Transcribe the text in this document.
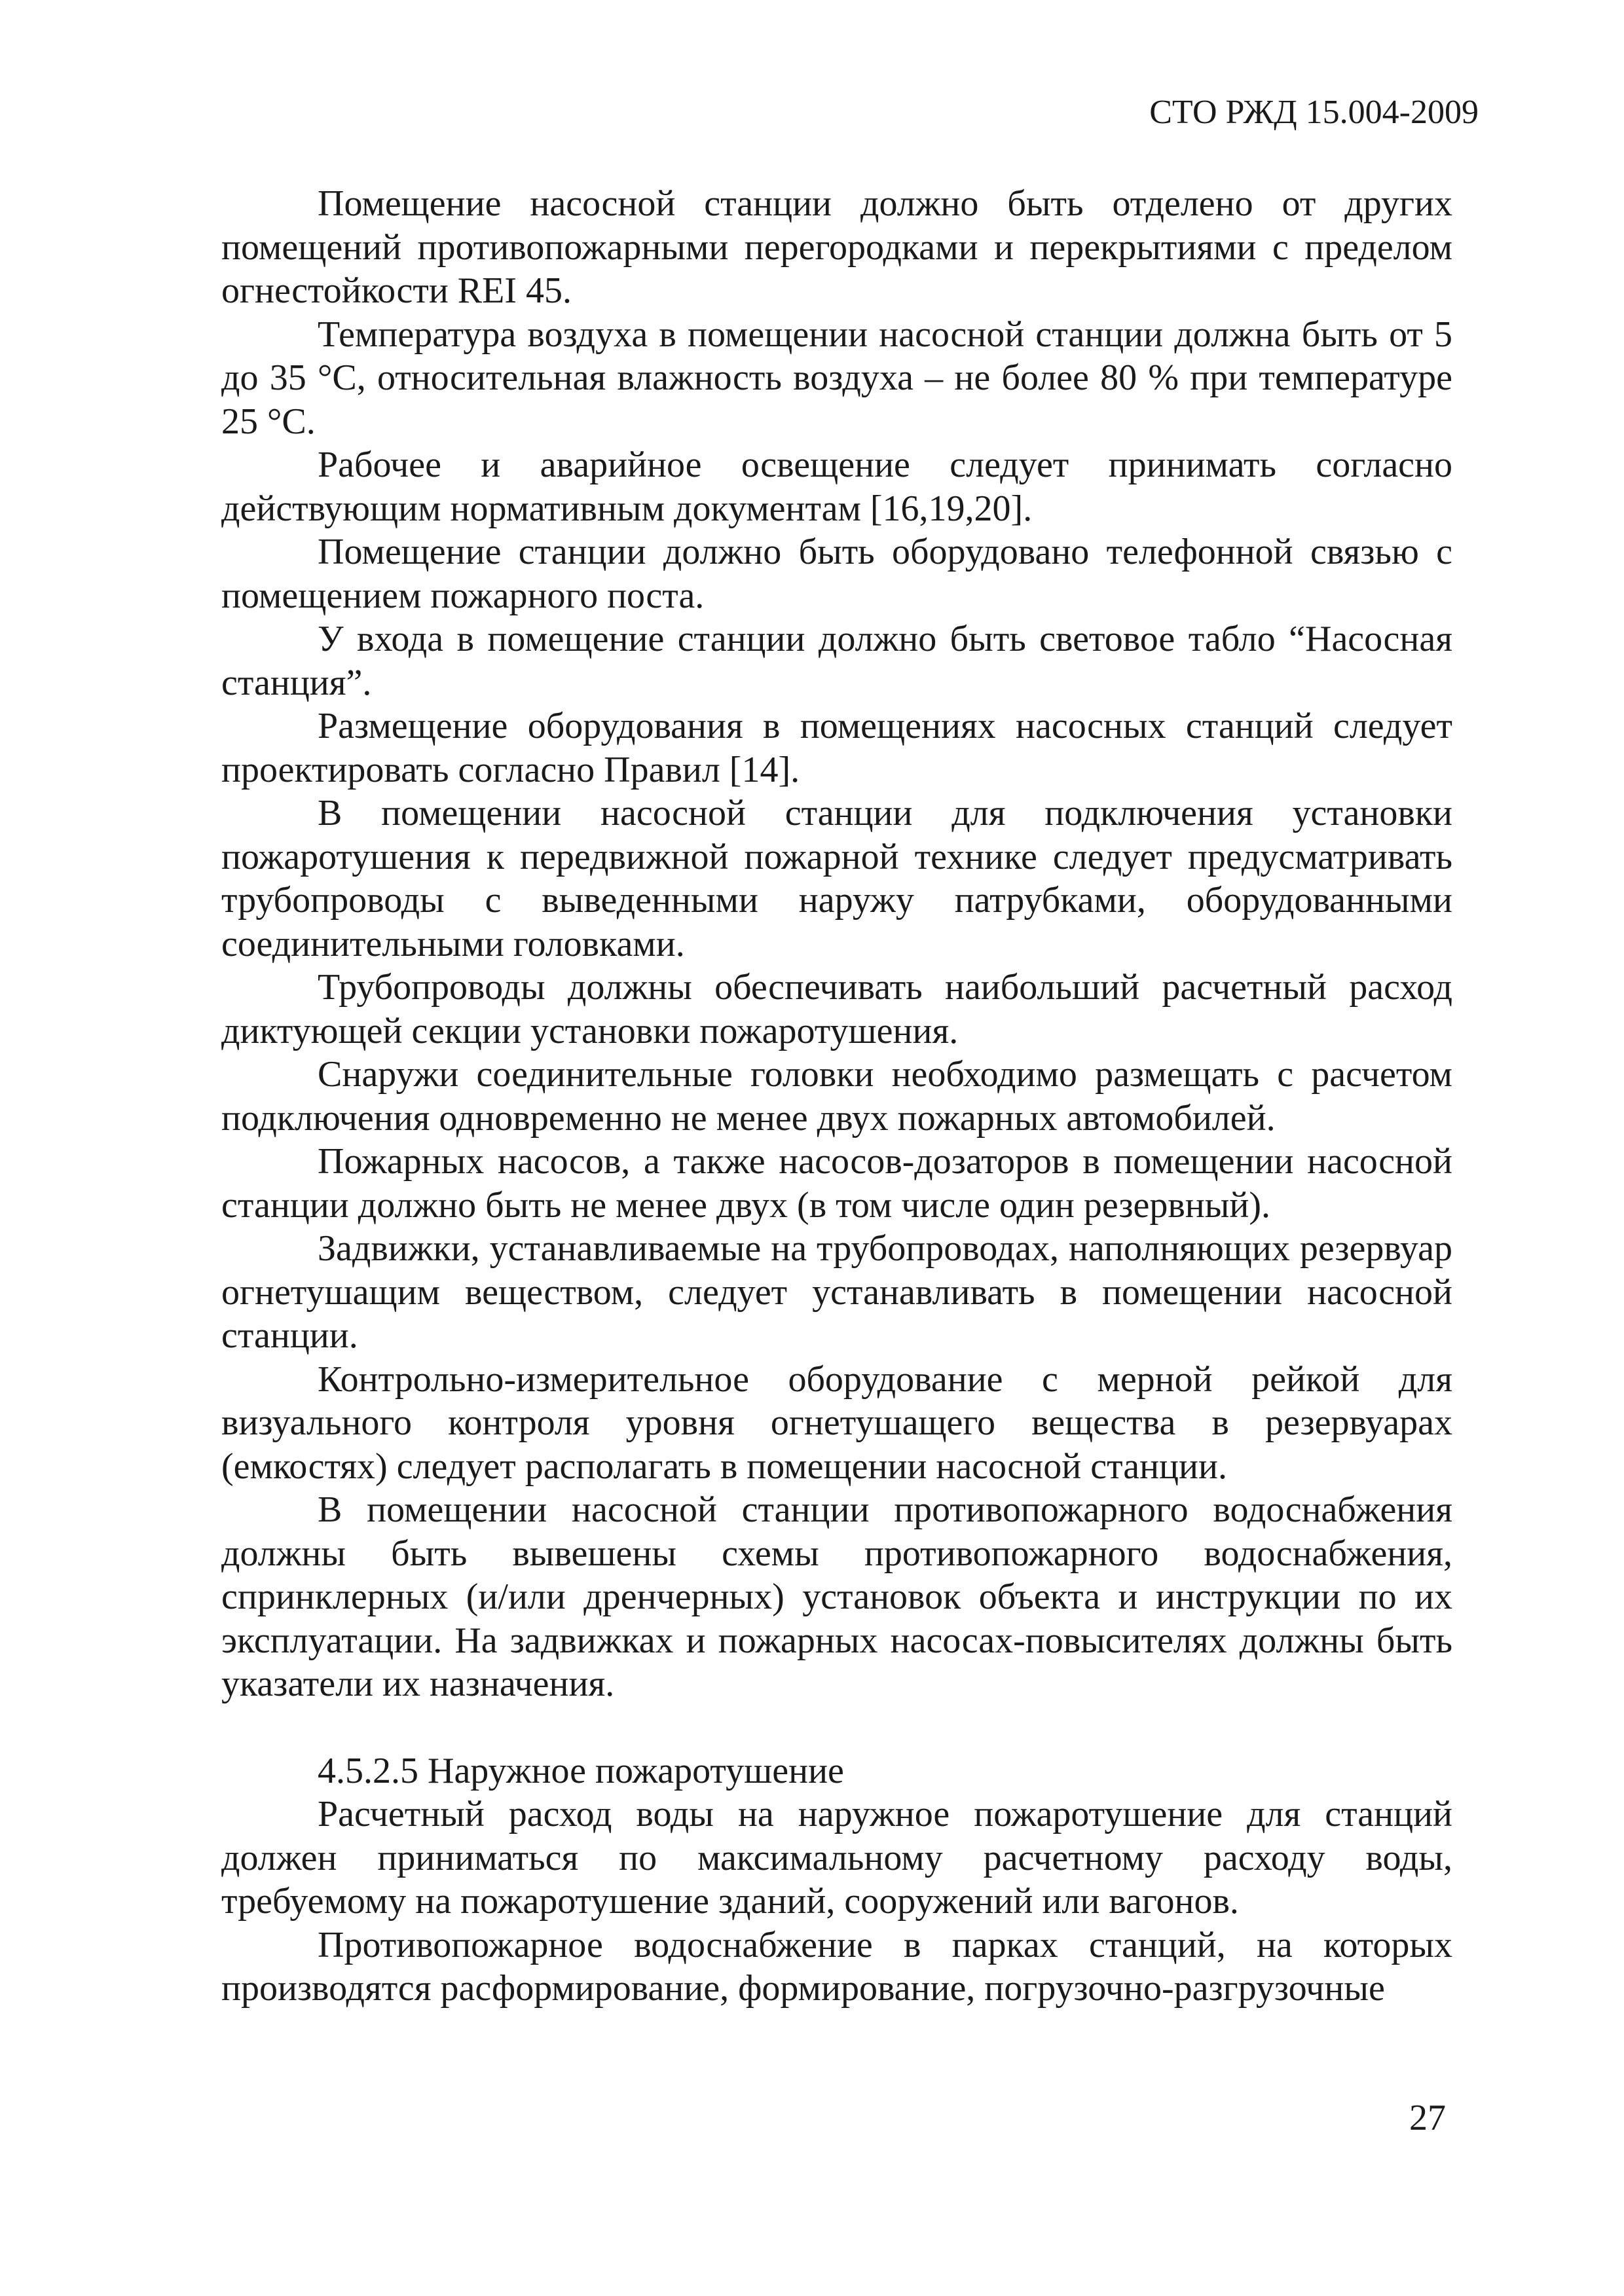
СТО РЖД 15.004-2009

Помещение насосной станции должно быть отделено от других помещений противопожарными перегородками и перекрытиями с пределом огнестойкости REI 45.

Температура воздуха в помещении насосной станции должна быть от 5 до 35 °С, относительная влажность воздуха – не более 80 % при температуре 25 °С.

Рабочее и аварийное освещение следует принимать согласно действующим нормативным документам [16,19,20].

Помещение станции должно быть оборудовано телефонной связью с помещением пожарного поста.

У входа в помещение станции должно быть световое табло “Насосная станция”.

Размещение оборудования в помещениях насосных станций следует проектировать согласно Правил [14].

В помещении насосной станции для подключения установки пожаротушения к передвижной пожарной технике следует предусматривать трубопроводы с выведенными наружу патрубками, оборудованными соединительными головками.

Трубопроводы должны обеспечивать наибольший расчетный расход диктующей секции установки пожаротушения.

Снаружи соединительные головки необходимо размещать с расчетом подключения одновременно не менее двух пожарных автомобилей.

Пожарных насосов, а также насосов-дозаторов в помещении насосной станции должно быть не менее двух (в том числе один резервный).

Задвижки, устанавливаемые на трубопроводах, наполняющих резервуар огнетушащим веществом, следует устанавливать в помещении насосной станции.

Контрольно-измерительное оборудование с мерной рейкой для визуального контроля уровня огнетушащего вещества в резервуарах (емкостях) следует располагать в помещении насосной станции.

В помещении насосной станции противопожарного водоснабжения должны быть вывешены схемы противопожарного водоснабжения, спринклерных (и/или дренчерных) установок объекта и инструкции по их эксплуатации. На задвижках и пожарных насосах-повысителях должны быть указатели их назначения.

4.5.2.5 Наружное пожаротушение

Расчетный расход воды на наружное пожаротушение для станций должен приниматься по максимальному расчетному расходу воды, требуемому на пожаротушение зданий, сооружений или вагонов.

Противопожарное водоснабжение в парках станций, на которых производятся расформирование, формирование, погрузочно-разгрузочные

27
